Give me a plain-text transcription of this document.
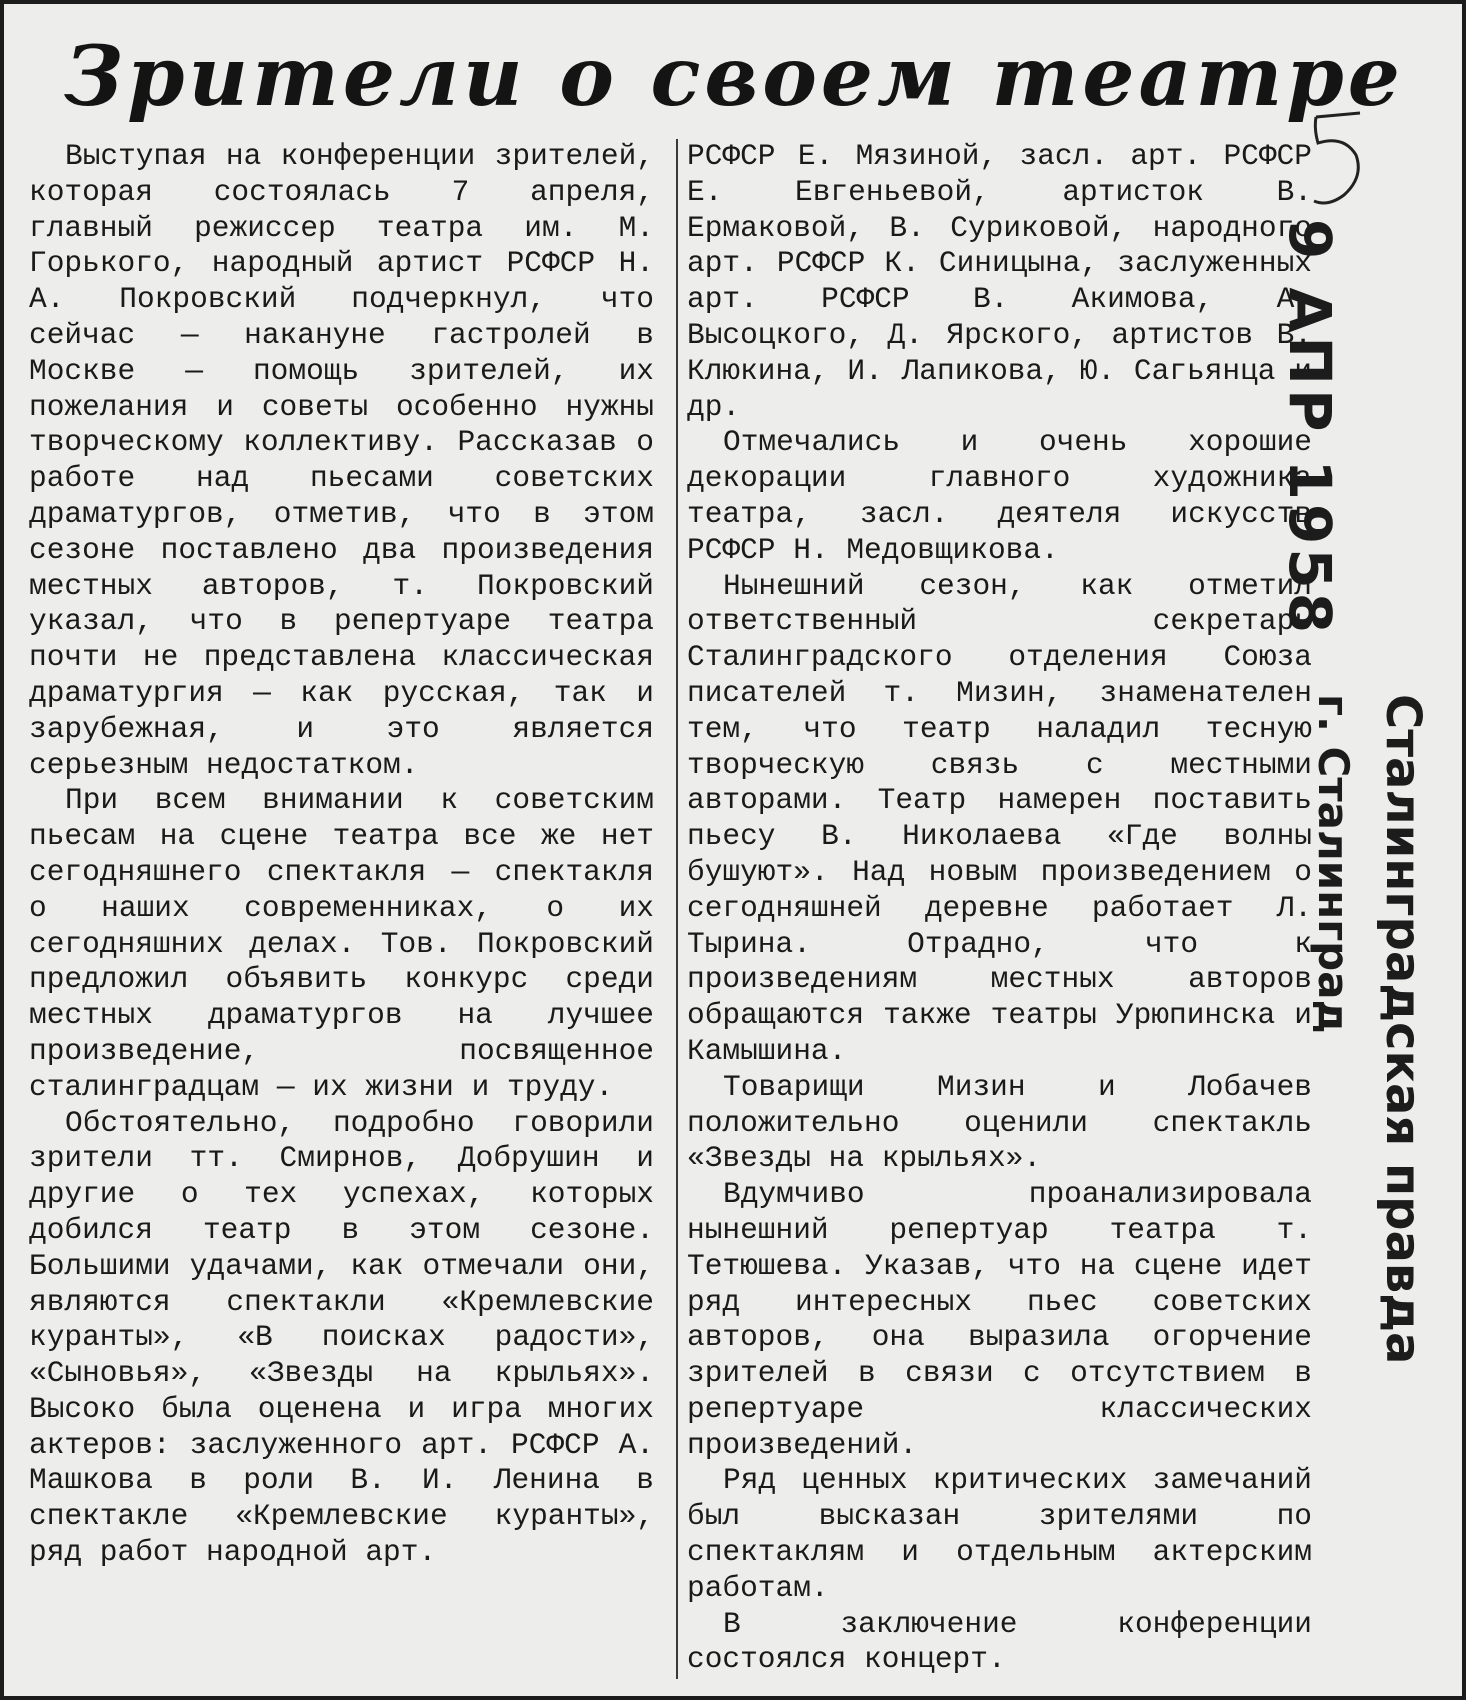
Зрители о своем театре

Выступая на конференции зрителей, которая состоялась 7 апреля, главный режиссер театра им. М. Горького, народный артист РСФСР Н. А. Покровский подчеркнул, что сейчас — накануне гастролей в Москве — помощь зрителей, их пожелания и советы особенно нужны творческому коллективу. Рассказав о работе над пьесами советских драматургов, отметив, что в этом сезоне поставлено два произведения местных авторов, т. Покровский указал, что в репертуаре театра почти не представлена классическая драматургия — как русская, так и зарубежная, и это является серьезным недостатком.

При всем внимании к советским пьесам на сцене театра все же нет сегодняшнего спектакля — спектакля о наших современниках, о их сегодняшних делах. Тов. Покровский предложил объявить конкурс среди местных драматургов на лучшее произведение, посвященное сталинградцам — их жизни и труду.

Обстоятельно, подробно говорили зрители тт. Смирнов, Добрушин и другие о тех успехах, которых добился театр в этом сезоне. Большими удачами, как отмечали они, являются спектакли «Кремлевские куранты», «В поисках радости», «Сыновья», «Звезды на крыльях». Высоко была оценена и игра многих актеров: заслуженного арт. РСФСР А. Машкова в роли В. И. Ленина в спектакле «Кремлевские куранты», ряд работ народной арт.

РСФСР Е. Мязиной, засл. арт. РСФСР Е. Евгеньевой, артисток В. Ермаковой, В. Суриковой, народного арт. РСФСР К. Синицына, заслуженных арт. РСФСР В. Акимова, А. Высоцкого, Д. Ярского, артистов В. Клюкина, И. Лапикова, Ю. Сагьянца и др.

Отмечались и очень хорошие декорации главного художника театра, засл. деятеля искусств РСФСР Н. Медовщикова.

Нынешний сезон, как отметил ответственный секретарь Сталинградского отделения Союза писателей т. Мизин, знаменателен тем, что театр наладил тесную творческую связь с местными авторами. Театр намерен поставить пьесу В. Николаева «Где волны бушуют». Над новым произведением о сегодняшней деревне работает Л. Тырина. Отрадно, что к произведениям местных авторов обращаются также театры Урюпинска и Камышина.

Товарищи Мизин и Лобачев положительно оценили спектакль «Звезды на крыльях».

Вдумчиво проанализировала нынешний репертуар театра т. Тетюшева. Указав, что на сцене идет ряд интересных пьес советских авторов, она выразила огорчение зрителей в связи с отсутствием в репертуаре классических произведений.

Ряд ценных критических замечаний был высказан зрителями по спектаклям и отдельным актерским работам.

В заключение конференции состоялся концерт.

9 АПР 1958
Сталинградская правда
г. Сталинград
